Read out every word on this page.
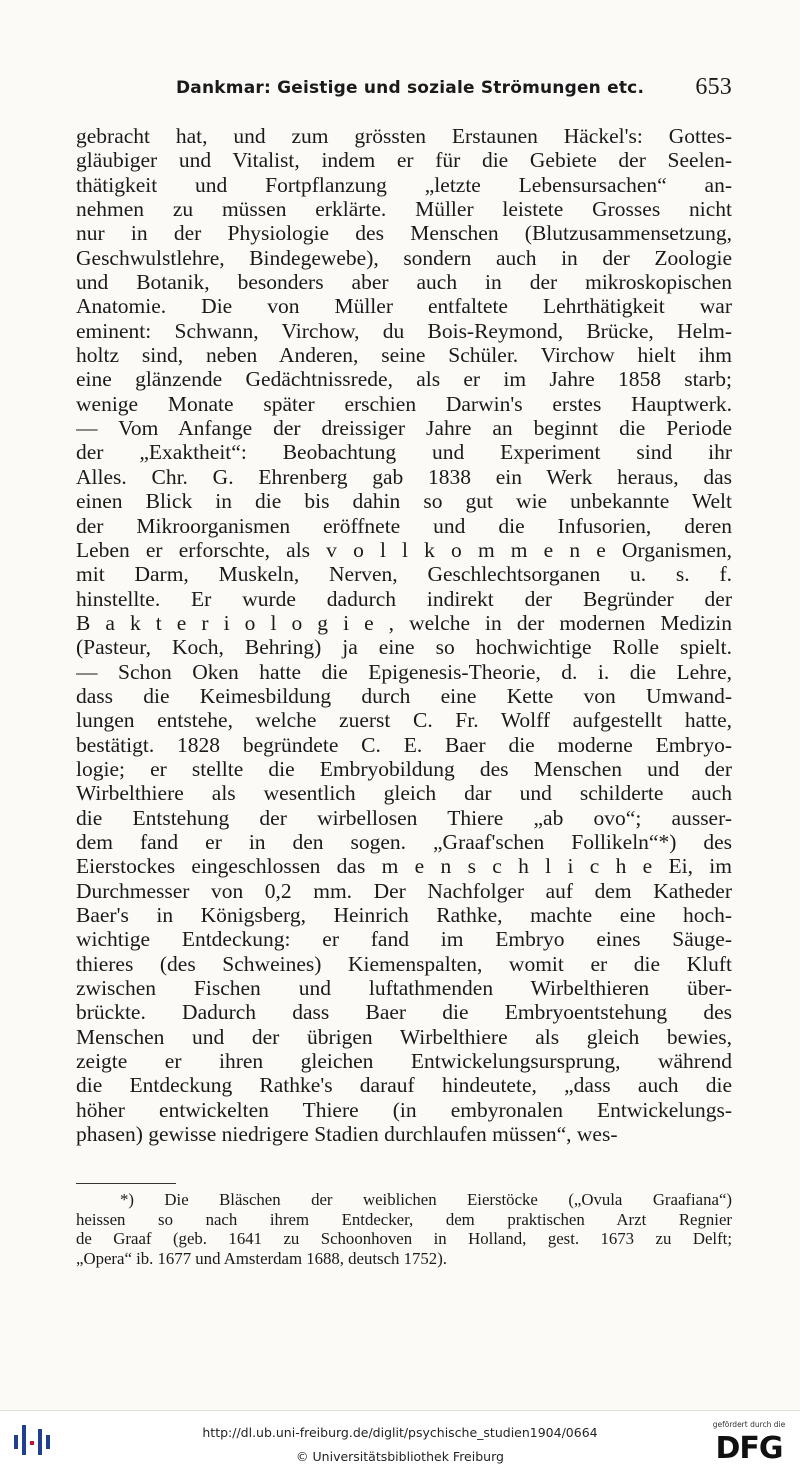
Dankmar: Geistige und soziale Strömungen etc. 653
gebracht hat, und zum grössten Erstaunen Häckel's: Gottes-
gläubiger und Vitalist, indem er für die Gebiete der Seelen-
thätigkeit und Fortpflanzung „letzte Lebensursachen“ an-
nehmen zu müssen erklärte. Müller leistete Grosses nicht
nur in der Physiologie des Menschen (Blutzusammensetzung,
Geschwulstlehre, Bindegewebe), sondern auch in der Zoologie
und Botanik, besonders aber auch in der mikroskopischen
Anatomie. Die von Müller entfaltete Lehrthätigkeit war
eminent: Schwann, Virchow, du Bois-Reymond, Brücke, Helm-
holtz sind, neben Anderen, seine Schüler. Virchow hielt ihm
eine glänzende Gedächtnissrede, als er im Jahre 1858 starb;
wenige Monate später erschien Darwin's erstes Hauptwerk.
— Vom Anfange der dreissiger Jahre an beginnt die Periode
der „Exaktheit“: Beobachtung und Experiment sind ihr
Alles. Chr. G. Ehrenberg gab 1838 ein Werk heraus, das
einen Blick in die bis dahin so gut wie unbekannte Welt
der Mikroorganismen eröffnete und die Infusorien, deren
Leben er erforschte, als v o l l k o m m e n e Organismen,
mit Darm, Muskeln, Nerven, Geschlechtsorganen u. s. f.
hinstellte. Er wurde dadurch indirekt der Begründer der
B a k t e r i o l o g i e , welche in der modernen Medizin
(Pasteur, Koch, Behring) ja eine so hochwichtige Rolle spielt.
— Schon Oken hatte die Epigenesis-Theorie, d. i. die Lehre,
dass die Keimesbildung durch eine Kette von Umwand-
lungen entstehe, welche zuerst C. Fr. Wolff aufgestellt hatte,
bestätigt. 1828 begründete C. E. Baer die moderne Embryo-
logie; er stellte die Embryobildung des Menschen und der
Wirbelthiere als wesentlich gleich dar und schilderte auch
die Entstehung der wirbellosen Thiere „ab ovo“; ausser-
dem fand er in den sogen. „Graaf'schen Follikeln“*) des
Eierstockes eingeschlossen das m e n s c h l i c h e Ei, im
Durchmesser von 0,2 mm. Der Nachfolger auf dem Katheder
Baer's in Königsberg, Heinrich Rathke, machte eine hoch-
wichtige Entdeckung: er fand im Embryo eines Säuge-
thieres (des Schweines) Kiemenspalten, womit er die Kluft
zwischen Fischen und luftathmenden Wirbelthieren über-
brückte. Dadurch dass Baer die Embryoentstehung des
Menschen und der übrigen Wirbelthiere als gleich bewies,
zeigte er ihren gleichen Entwickelungsursprung, während
die Entdeckung Rathke's darauf hindeutete, „dass auch die
höher entwickelten Thiere (in embyronalen Entwickelungs-
phasen) gewisse niedrigere Stadien durchlaufen müssen“, wes-
*) Die Bläschen der weiblichen Eierstöcke („Ovula Graafiana“)
heissen so nach ihrem Entdecker, dem praktischen Arzt Regnier
de Graaf (geb. 1641 zu Schoonhoven in Holland, gest. 1673 zu Delft;
„Opera“ ib. 1677 und Amsterdam 1688, deutsch 1752).
http://dl.ub.uni-freiburg.de/diglit/psychische_studien1904/0664
© Universitätsbibliothek Freiburg
gefördert durch die
DFG
